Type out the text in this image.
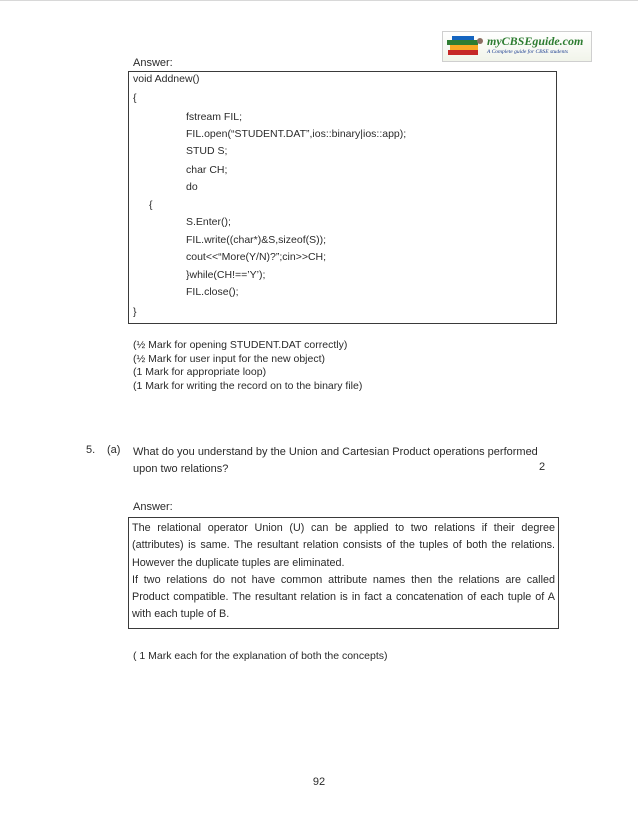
myCBSEguide.com
A Complete guide for CBSE students
Answer:
void Addnew()
{
fstream FIL;
FIL.open(“STUDENT.DAT”,ios::binary|ios::app);
STUD S;
char CH;
do
{
S.Enter();
FIL.write((char*)&S,sizeof(S));
cout<<“More(Y/N)?”;cin>>CH;
}while(CH!==’Y’);
FIL.close();
}
(½ Mark for opening STUDENT.DAT correctly)
(½ Mark for user input for the new object)
(1 Mark for appropriate loop)
(1 Mark for writing the record on to the binary file)
5. (a) What do you understand by the Union and Cartesian Product operations performed upon two relations?	2
Answer:

The relational operator Union (U) can be applied to two relations if their degree (attributes) is same. The resultant relation consists of the tuples of both the relations. However the duplicate tuples are eliminated.

If two relations do not have common attribute names then the relations are called Product compatible. The resultant relation is in fact a concatenation of each tuple of A with each tuple of B.

( 1 Mark each for the explanation of both the concepts)
92
